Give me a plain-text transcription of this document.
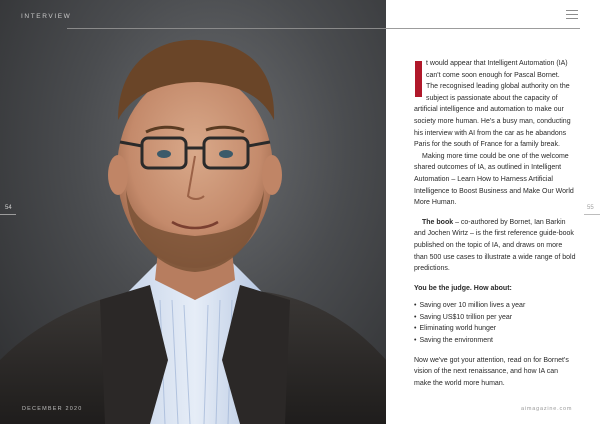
INTERVIEW
54
DECEMBER 2020
55

t would appear that Intelligent Automation (IA)
can't come soon enough for Pascal Bornet.
The recognised leading global authority on the
subject is passionate about the capacity of

artificial intelligence and automation to make our society more human. He's a busy man, conducting his interview with AI from the car as he abandons Paris for the south of France for a family break.

Making more time could be one of the welcome shared outcomes of IA, as outlined in Intelligent Automation – Learn How to Harness Artificial Intelligence to Boost Business and Make Our World More Human.

The book – co-authored by Bornet, Ian Barkin and Jochen Wirtz – is the first reference guide-book published on the topic of IA, and draws on more than 500 use cases to illustrate a wide range of bold predictions.

You be the judge. How about:

• Saving over 10 million lives a year
• Saving US$10 trillion per year
• Eliminating world hunger
• Saving the environment

Now we've got your attention, read on for Bornet's vision of the next renaissance, and how IA can make the world more human.

aimagazine.com
